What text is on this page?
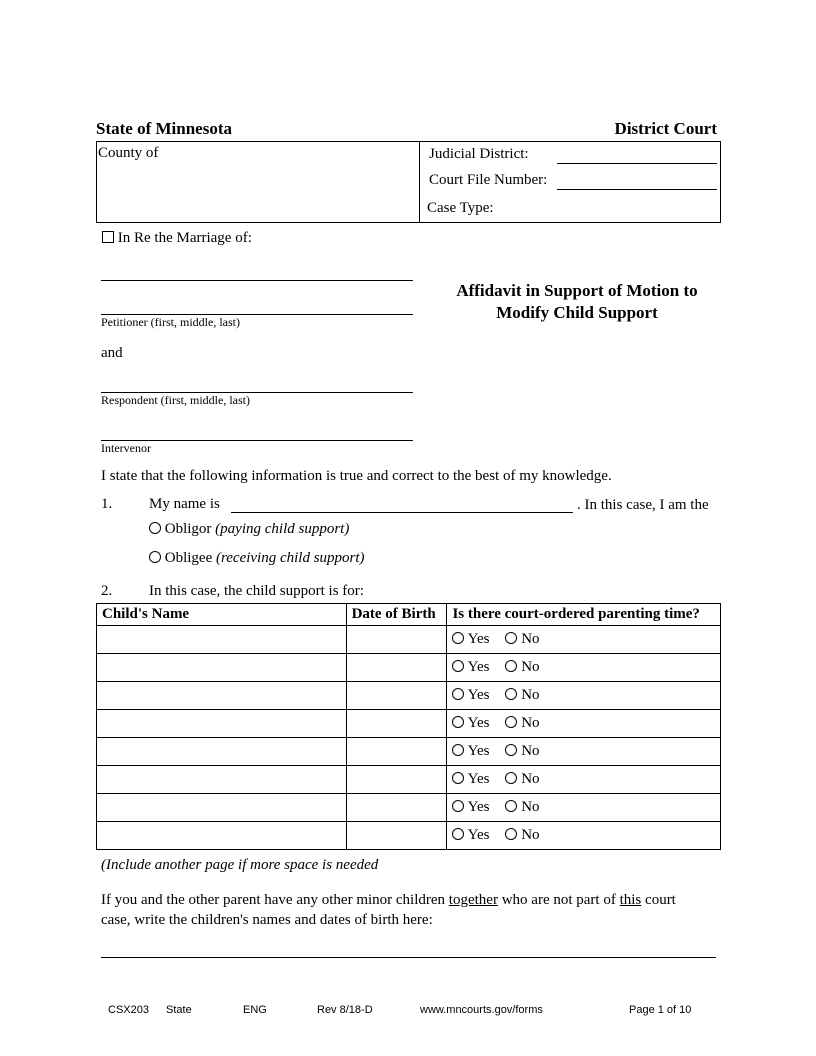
State of Minnesota	District Court
County of	Judicial District:
Court File Number:
Case Type:
In Re the Marriage of:
Petitioner (first, middle, last)
and
Respondent (first, middle, last)
Intervenor
Affidavit in Support of Motion to
Modify Child Support
I state that the following information is true and correct to the best of my knowledge.
1. My name is	. In this case, I am the
Obligor (paying child support)
Obligee (receiving child support)
2. In this case, the child support is for:
Child's Name	Date of Birth	Is there court-ordered parenting time?
		Yes No
		Yes No
		Yes No
		Yes No
		Yes No
		Yes No
		Yes No
		Yes No
(Include another page if more space is needed
If you and the other parent have any other minor children together who are not part of this court
case, write the children's names and dates of birth here:
CSX203 State	ENG	Rev 8/18-D	www.mncourts.gov/forms	Page 1 of 10
